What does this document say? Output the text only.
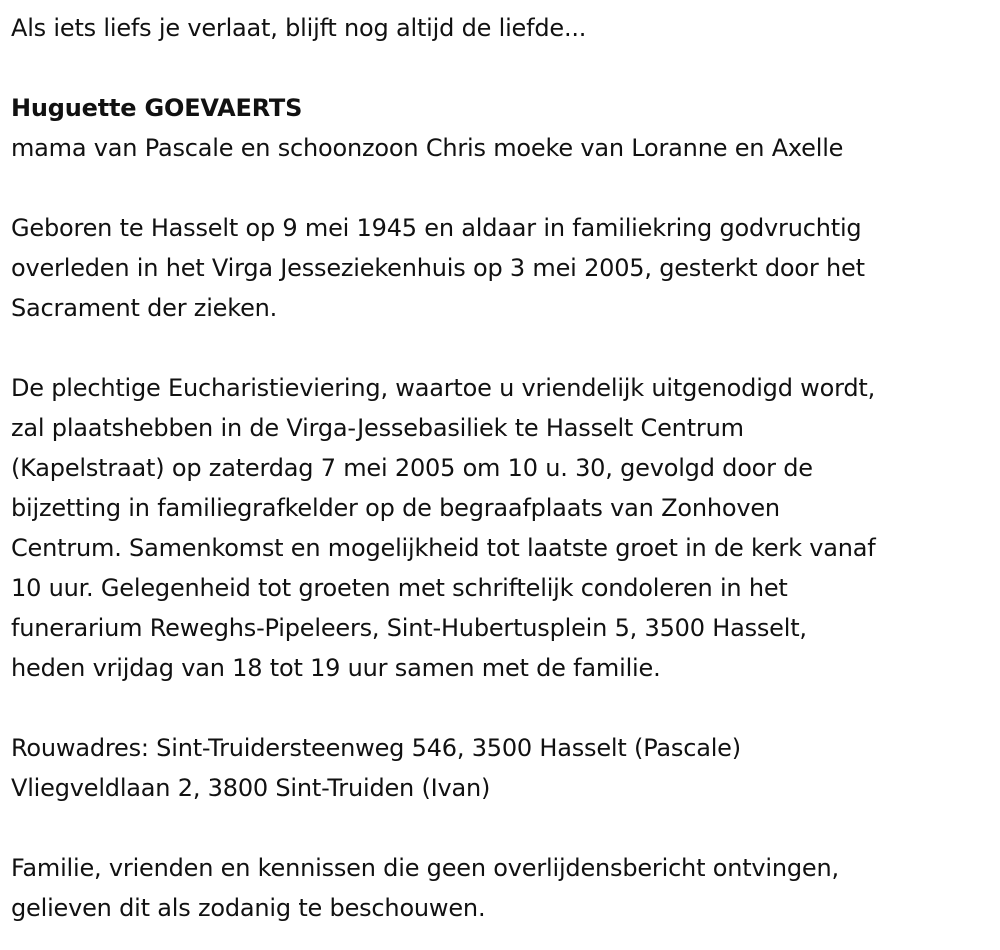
Als iets liefs je verlaat, blijft nog altijd de liefde...

Huguette GOEVAERTS

mama van Pascale en schoonzoon Chris moeke van Loranne en Axelle

Geboren te Hasselt op 9 mei 1945 en aldaar in familiekring godvruchtig

overleden in het Virga Jesseziekenhuis op 3 mei 2005, gesterkt door het

Sacrament der zieken.

De plechtige Eucharistieviering, waartoe u vriendelijk uitgenodigd wordt,

zal plaatshebben in de Virga-Jessebasiliek te Hasselt Centrum

(Kapelstraat) op zaterdag 7 mei 2005 om 10 u. 30, gevolgd door de

bijzetting in familiegrafkelder op de begraafplaats van Zonhoven

Centrum. Samenkomst en mogelijkheid tot laatste groet in de kerk vanaf

10 uur. Gelegenheid tot groeten met schriftelijk condoleren in het

funerarium Reweghs-Pipeleers, Sint-Hubertusplein 5, 3500 Hasselt,

heden vrijdag van 18 tot 19 uur samen met de familie.

Rouwadres: Sint-Truidersteenweg 546, 3500 Hasselt (Pascale)

Vliegveldlaan 2, 3800 Sint-Truiden (Ivan)

Familie, vrienden en kennissen die geen overlijdensbericht ontvingen,

gelieven dit als zodanig te beschouwen.
